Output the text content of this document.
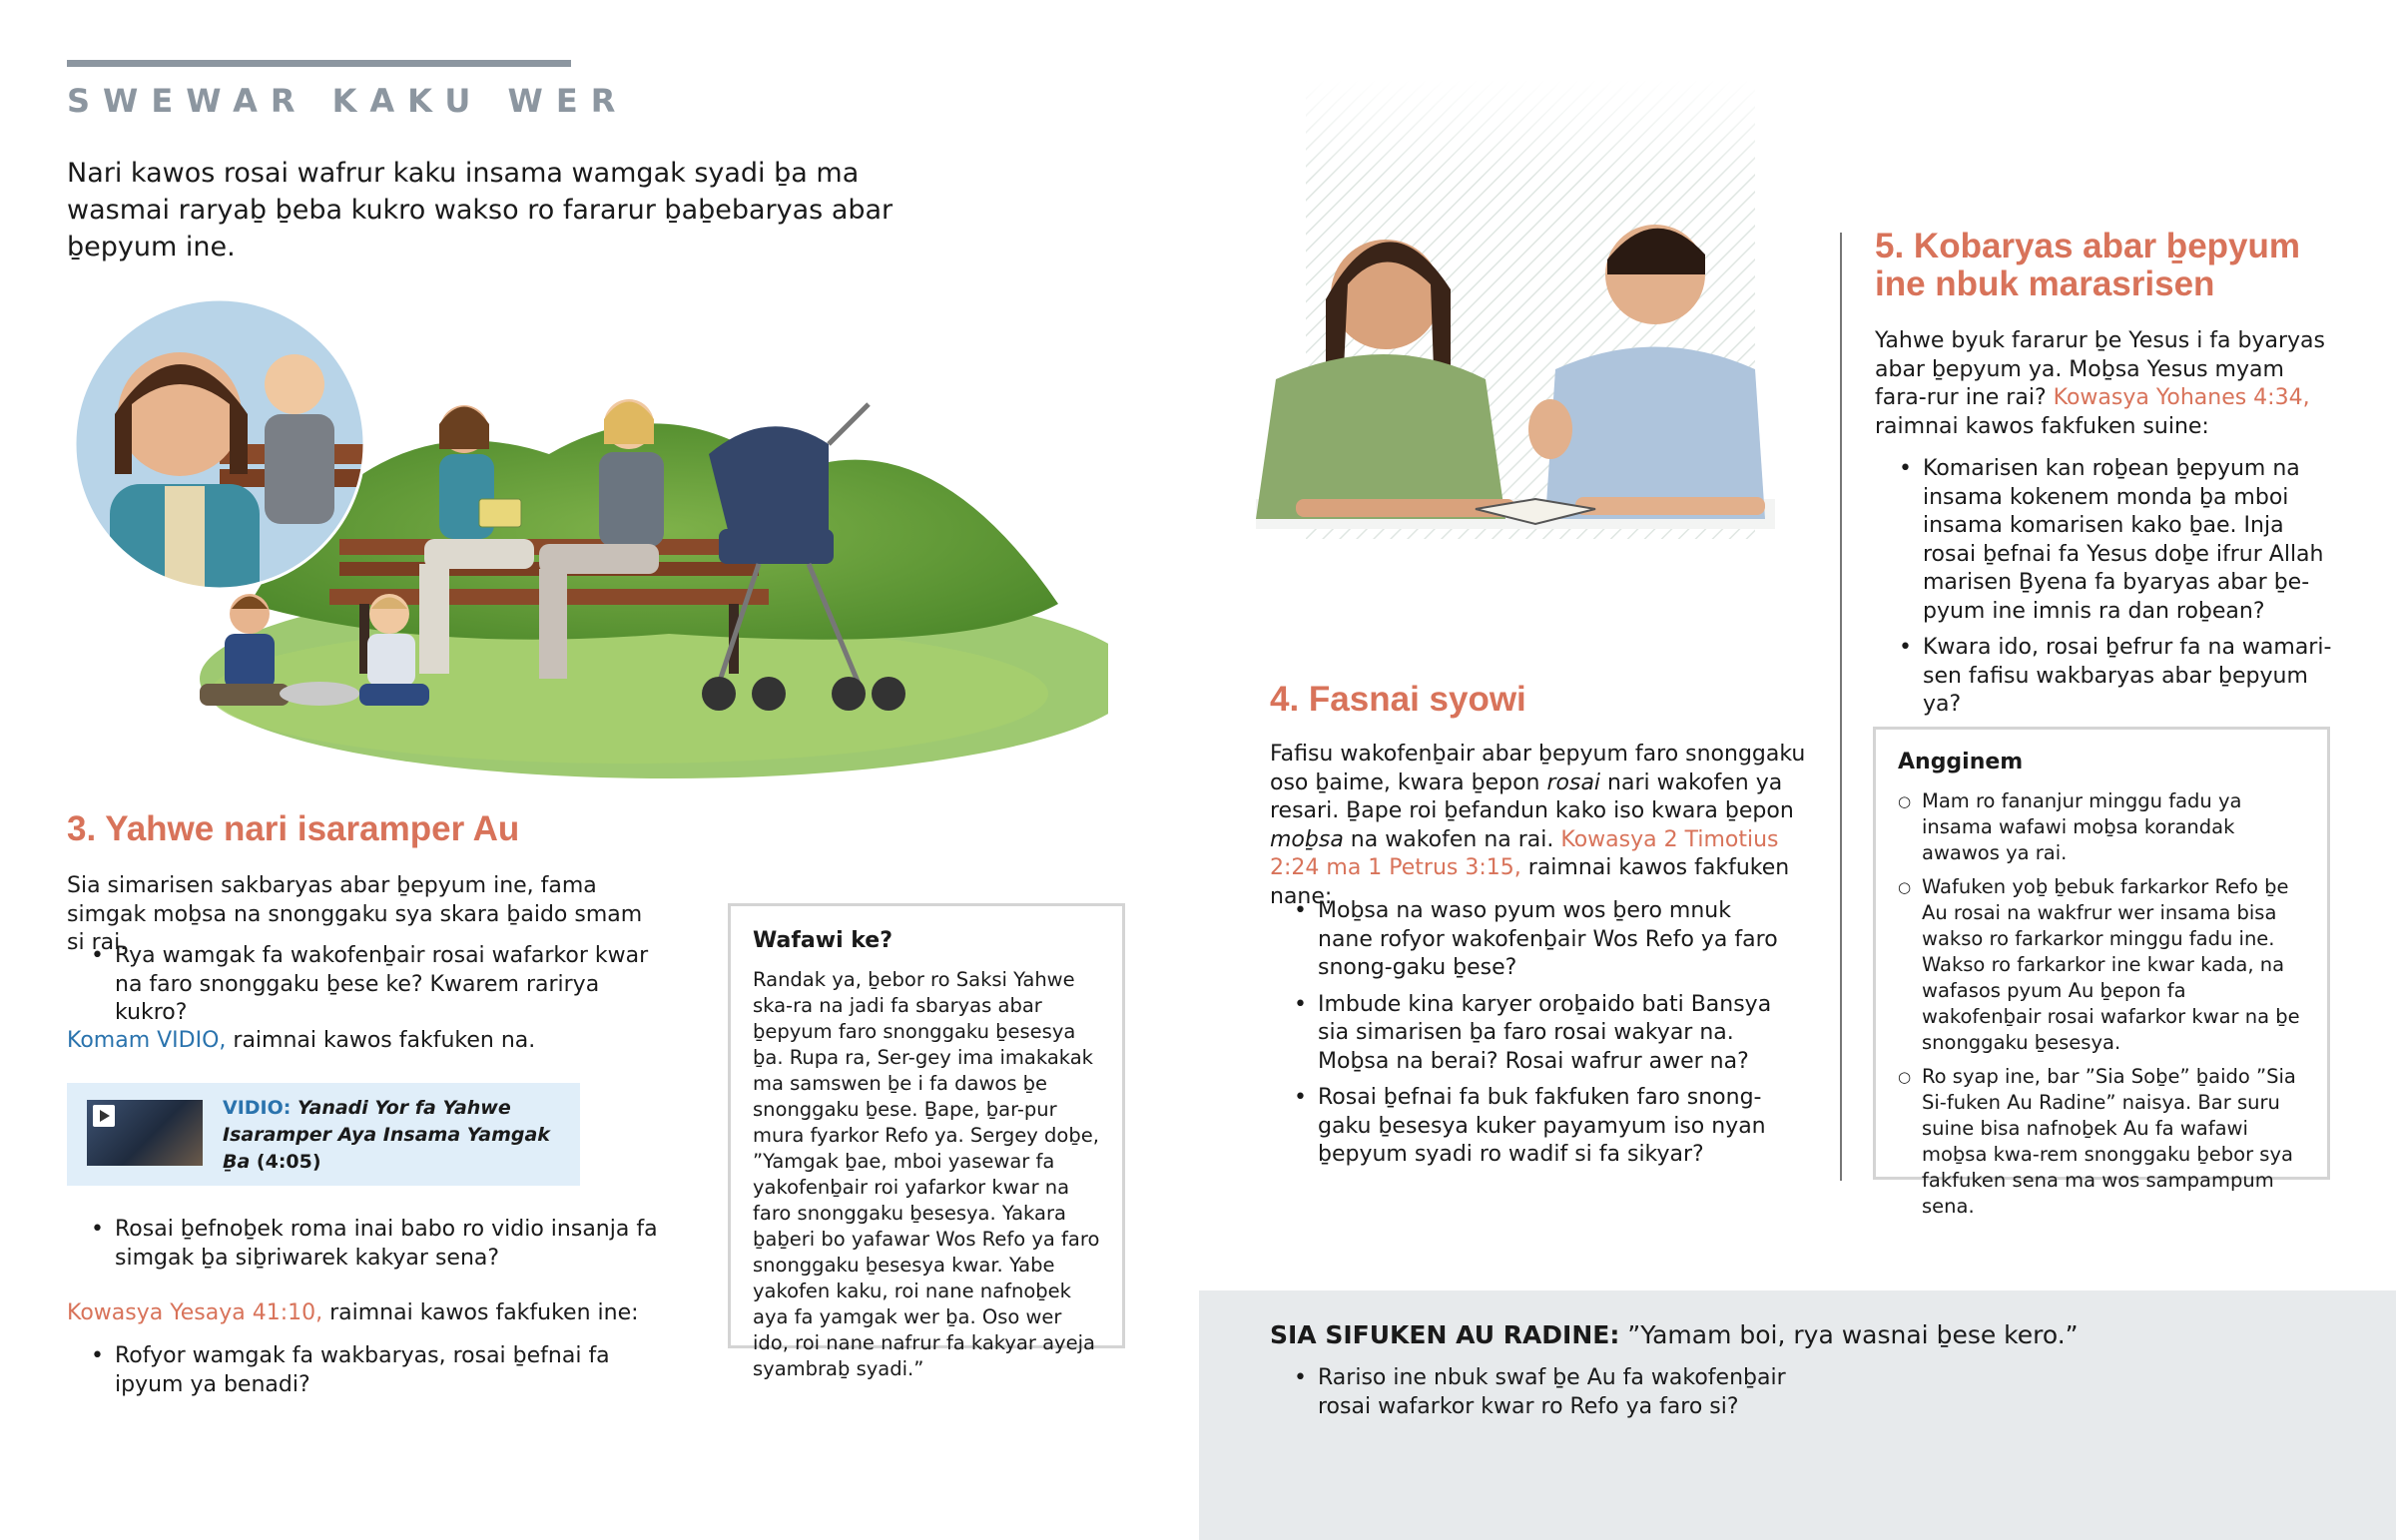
SWEWAR KAKU WER

Nari kawos rosai wafrur kaku insama wamgak syadi ḇa ma wasmai raryaḇ ḇeba kukro wakso ro fararur ḇaḇebaryas abar ḇepyum ine.

3. Yahwe nari isaramper Au

Sia simarisen sakbaryas abar ḇepyum ine, fama simgak moḇsa na snonggaku sya skara ḇaido smam si rai.

• Rya wamgak fa wakofenḇair rosai wafarkor kwar na faro snonggaku ḇese ke? Kwarem rarirya kukro?

Komam VIDIO, raimnai kawos fakfuken na.

VIDIO: Yanadi Yor fa Yahwe Isaramper Aya Insama Yamgak Ḇa (4:05)
• Rosai ḇefnoḇek roma inai babo ro vidio insanja fa simgak ḇa siḇriwarek kakyar sena?

Kowasya Yesaya 41:10, raimnai kawos fakfuken ine:

• Rofyor wamgak fa wakbaryas, rosai ḇefnai fa ipyum ya benadi?
Wafawi ke?
Randak ya, ḇebor ro Saksi Yahwe ska-ra na jadi fa sbaryas abar ḇepyum faro snonggaku ḇesesya ḇa. Rupa ra, Ser-gey ima imakakak ma samswen ḇe i fa dawos ḇe snonggaku ḇese. Ḇape, ḇar-pur mura fyarkor Refo ya. Sergey doḇe, ”Yamgak ḇae, mboi yasewar fa yakofenḇair roi yafarkor kwar na faro snonggaku ḇesesya. Yakara ḇaḇeri bo yafawar Wos Refo ya faro snonggaku ḇesesya kwar. Yabe yakofen kaku, roi nane nafnoḇek aya fa yamgak wer ḇa. Oso wer ido, roi nane nafrur fa kakyar ayeja syambraḇ syadi.”
4. Fasnai syowi

Fafisu wakofenḇair abar ḇepyum faro snonggaku oso ḇaime, kwara ḇepon rosai nari wakofen ya resari. Ḇape roi ḇefandun kako iso kwara ḇepon moḇsa na wakofen na rai. Kowasya 2 Timotius 2:24 ma 1 Petrus 3:15, raimnai kawos fakfuken nane:

• Moḇsa na waso pyum wos ḇero mnuk nane rofyor wakofenḇair Wos Refo ya faro snong-gaku ḇese?
• Imbude kina karyer oroḇaido bati Bansya sia simarisen ḇa faro rosai wakyar na. Moḇsa na berai? Rosai wafrur awer na?
• Rosai ḇefnai fa buk fakfuken faro snong-gaku ḇesesya kuker payamyum iso nyan ḇepyum syadi ro wadif si fa sikyar?
5. Kobaryas abar ḇepyum ine nbuk marasrisen

Yahwe byuk fararur ḇe Yesus i fa byaryas abar ḇepyum ya. Moḇsa Yesus myam fara-rur ine rai? Kowasya Yohanes 4:34, raimnai kawos fakfuken suine:

• Komarisen kan roḇean ḇepyum na insama kokenem monda ḇa mboi insama komarisen kako ḇae. Inja rosai ḇefnai fa Yesus doḇe ifrur Allah marisen Ḇyena fa byaryas abar ḇe-pyum ine imnis ra dan roḇean?
• Kwara ido, rosai ḇefrur fa na wamari-sen fafisu wakbaryas abar ḇepyum ya?
Angginem
○ Mam ro fananjur minggu fadu ya insama wafawi moḇsa korandak awawos ya rai.
○ Wafuken yoḇ ḇebuk farkarkor Refo ḇe Au rosai na wakfrur wer insama bisa wakso ro farkarkor minggu fadu ine. Wakso ro farkarkor ine kwar kada, na wafasos pyum Au ḇepon fa wakofenḇair rosai wafarkor kwar na ḇe snonggaku ḇesesya.
○ Ro syap ine, bar ”Sia Soḇe” ḇaido ”Sia Si-fuken Au Radine” naisya. Bar suru suine bisa nafnoḇek Au fa wafawi moḇsa kwa-rem snonggaku ḇebor sya fakfuken sena ma wos sampampum sena.

SIA SIFUKEN AU RADINE: ”Yamam boi, rya wasnai ḇese kero.”

• Rariso ine nbuk swaf ḇe Au fa wakofenḇair rosai wafarkor kwar ro Refo ya faro si?
